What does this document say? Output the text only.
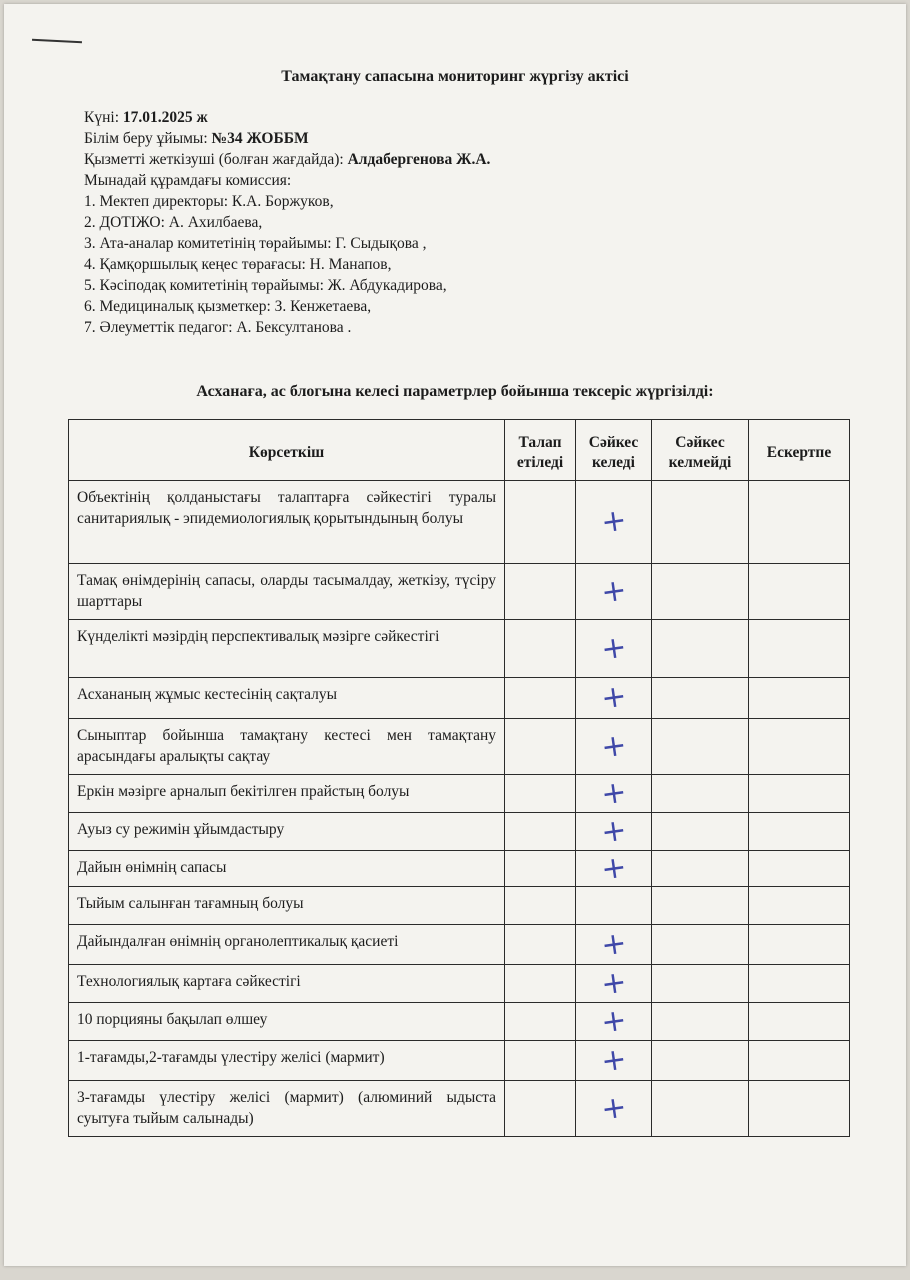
Тамақтану сапасына мониторинг жүргізу актісі
Күні: 17.01.2025 ж
Білім беру ұйымы: №34 ЖОББМ
Қызметті жеткізуші (болған жағдайда): Алдабергенова Ж.А.
Мынадай құрамдағы комиссия:
1. Мектеп директоры: К.А. Боржуков,
2. ДОТІЖО: А. Ахилбаева,
3. Ата-аналар комитетінің төрайымы: Г. Сыдықова ,
4. Қамқоршылық кеңес төрағасы: Н. Манапов,
5. Кәсіподақ комитетінің төрайымы: Ж. Абдукадирова,
6. Медициналық қызметкер: З. Кенжетаева,
7. Әлеуметтік педагог: А. Бексултанова .
Асханаға, ас блогына келесі параметрлер бойынша тексеріс жүргізілді:
Көрсеткіш	Талап етіледі	Сәйкес келеді	Сәйкес келмейді	Ескертпе
Объектінің қолданыстағы талаптарға сәйкестігі туралы санитариялық - эпидемиологиялық қорытындының болуы		+		

Тамақ өнімдерінің сапасы, оларды тасымалдау, жеткізу, түсіру шарттары		+		

Күнделікті мәзірдің перспективалық мәзірге сәйкестігі		+		

Асхананың жұмыс кестесінің сақталуы		+		

Сыныптар бойынша тамақтану кестесі мен тамақтану арасындағы аралықты сақтау		+		

Еркін мәзірге арналып бекітілген прайстың болуы		+		

Ауыз су режимін ұйымдастыру		+		

Дайын өнімнің сапасы		+		

Тыйым салынған тағамның болуы				
Дайындалған өнімнің органолептикалық қасиеті		+		

Технологиялық картаға сәйкестігі		+		

10 порцияны бақылап өлшеу		+		

1-тағамды,2-тағамды үлестіру желісі (мармит)		+		

3-тағамды үлестіру желісі (мармит) (алюминий ыдыста суытуға тыйым салынады)		+		
